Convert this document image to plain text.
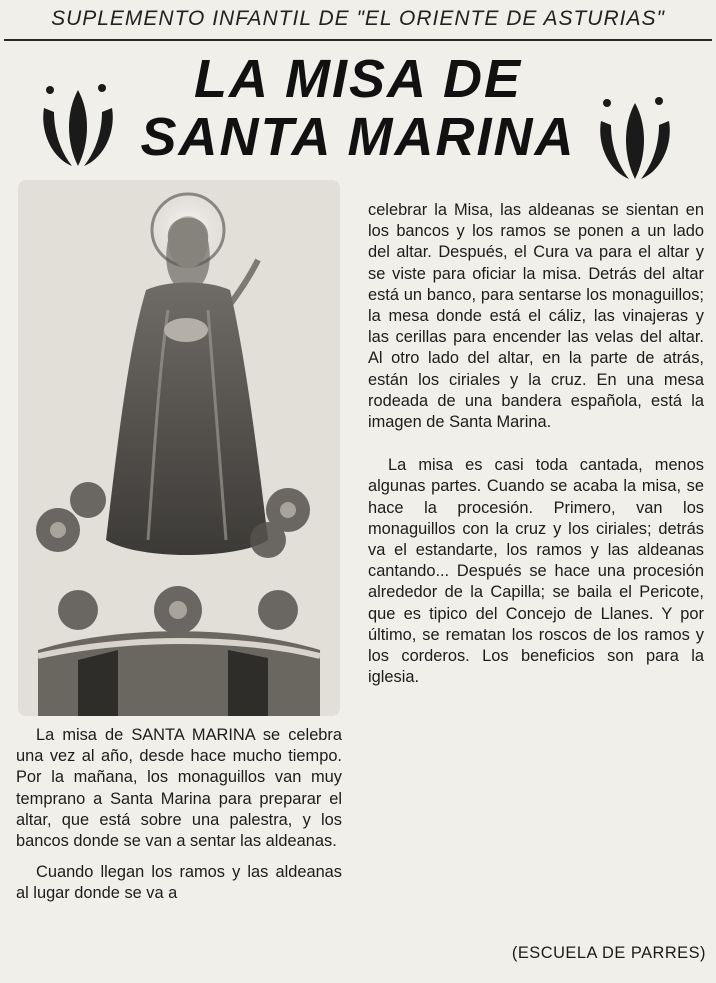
SUPLEMENTO INFANTIL DE "EL ORIENTE DE ASTURIAS"
LA MISA DE
SANTA MARINA

La misa de SANTA MARINA se celebra una vez al año, desde hace mucho tiempo. Por la mañana, los monaguillos van muy temprano a Santa Marina para preparar el altar, que está sobre una palestra, y los bancos donde se van a sentar las aldeanas.

Cuando llegan los ramos y las aldeanas al lugar donde se va a

celebrar la Misa, las aldeanas se sientan en los bancos y los ramos se ponen a un lado del altar. Después, el Cura va para el altar y se viste para oficiar la misa. Detrás del altar está un banco, para sentarse los monaguillos; la mesa donde está el cáliz, las vinajeras y las cerillas para encender las velas del altar. Al otro lado del altar, en la parte de atrás, están los ciriales y la cruz. En una mesa rodeada de una bandera española, está la imagen de Santa Marina.

La misa es casi toda cantada, menos algunas partes. Cuando se acaba la misa, se hace la procesión. Primero, van los monaguillos con la cruz y los ciriales; detrás va el estandarte, los ramos y las aldeanas cantando... Después se hace una procesión alrededor de la Capilla; se baila el Pericote, que es tipico del Concejo de Llanes. Y por último, se rematan los roscos de los ramos y los corderos. Los beneficios son para la iglesia.

(ESCUELA DE PARRES)
